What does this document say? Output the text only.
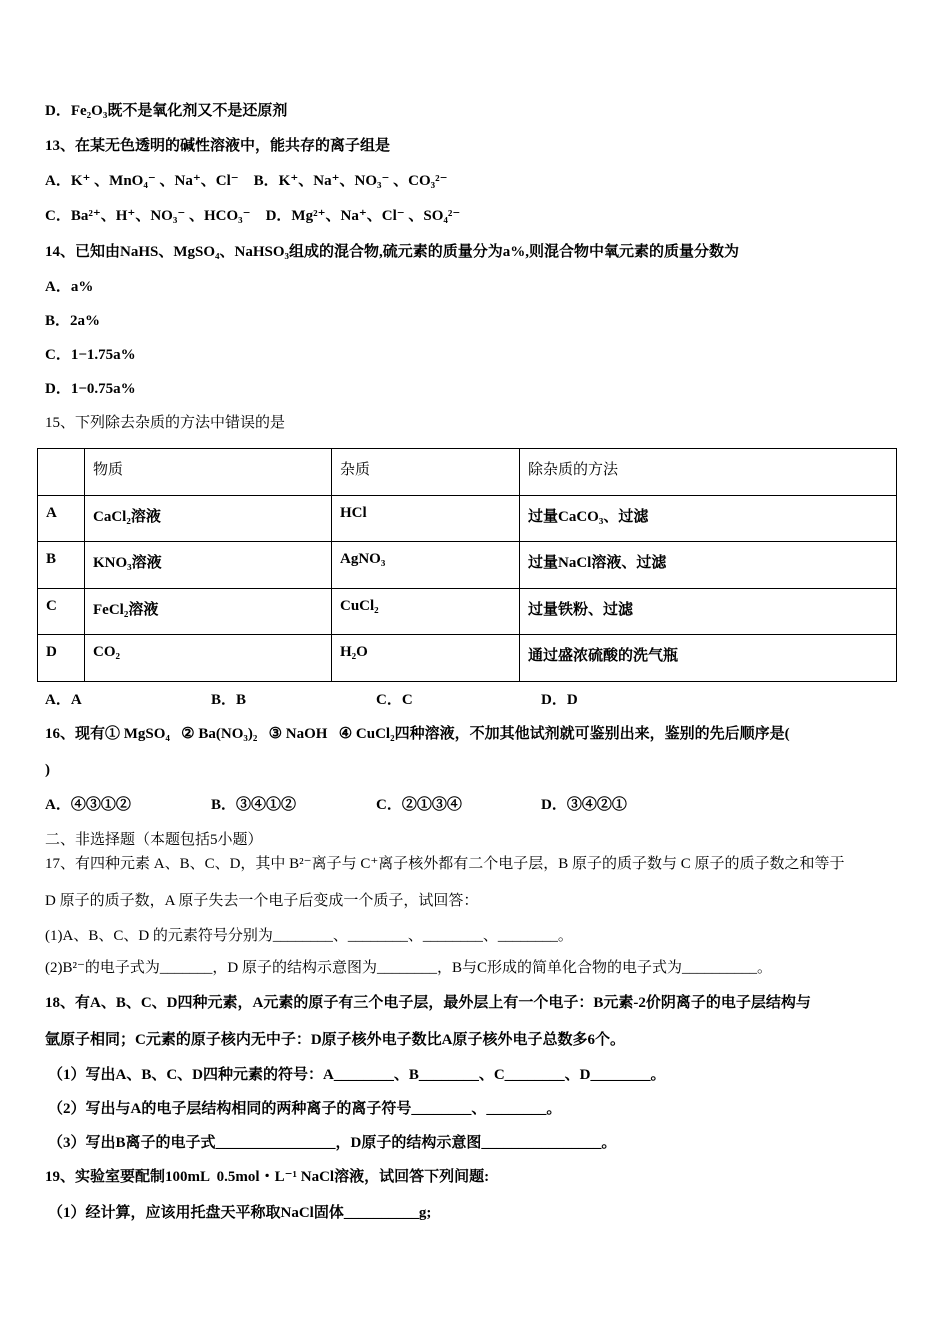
D．Fe₂O₃既不是氧化剂又不是还原剂
13、在某无色透明的碱性溶液中，能共存的离子组是
A．K⁺ 、MnO₄⁻ 、Na⁺、Cl⁻    B．K⁺、Na⁺、NO₃⁻ 、CO₃²⁻
C．Ba²⁺、H⁺、NO₃⁻ 、HCO₃⁻    D．Mg²⁺、Na⁺、Cl⁻ 、SO₄²⁻
14、已知由NaHS、MgSO₄、NaHSO₃组成的混合物,硫元素的质量分为a%,则混合物中氧元素的质量分数为
A．a%
B．2a%
C．1−1.75a%
D．1−0.75a%
15、下列除去杂质的方法中错误的是
	物质	杂质	除杂质的方法
A	CaCl₂溶液	HCl	过量CaCO₃、过滤
B	KNO₃溶液	AgNO₃	过量NaCl溶液、过滤
C	FeCl₂溶液	CuCl₂	过量铁粉、过滤
D	CO₂	H₂O	通过盛浓硫酸的洗气瓶
A．A	B．B	C．C	D．D
16、现有① MgSO₄   ② Ba(NO₃)₂   ③ NaOH   ④ CuCl₂四种溶液，不加其他试剂就可鉴别出来，鉴别的先后顺序是(
)
A．④③①②	B．③④①②	C．②①③④	D．③④②①
二、非选择题（本题包括5小题）
17、有四种元素 A、B、C、D，其中 B²⁻离子与 C⁺离子核外都有二个电子层，B 原子的质子数与 C 原子的质子数之和等于
D 原子的质子数，A 原子失去一个电子后变成一个质子，试回答：
(1)A、B、C、D 的元素符号分别为________、________、________、________。
(2)B²⁻的电子式为_______，D 原子的结构示意图为________，B与C形成的简单化合物的电子式为__________。
18、有A、B、C、D四种元素，A元素的原子有三个电子层，最外层上有一个电子：B元素-2价阴离子的电子层结构与
氩原子相同；C元素的原子核内无中子：D原子核外电子数比A原子核外电子总数多6个。
（1）写出A、B、C、D四种元素的符号：A________、B________、C________、D________。
（2）写出与A的电子层结构相同的两种离子的离子符号________、________。
（3）写出B离子的电子式________________，D原子的结构示意图________________。
19、实验室要配制100mL  0.5mol・L⁻¹ NaCl溶液，试回答下列间题:
（1）经计算，应该用托盘天平称取NaCl固体__________g;
